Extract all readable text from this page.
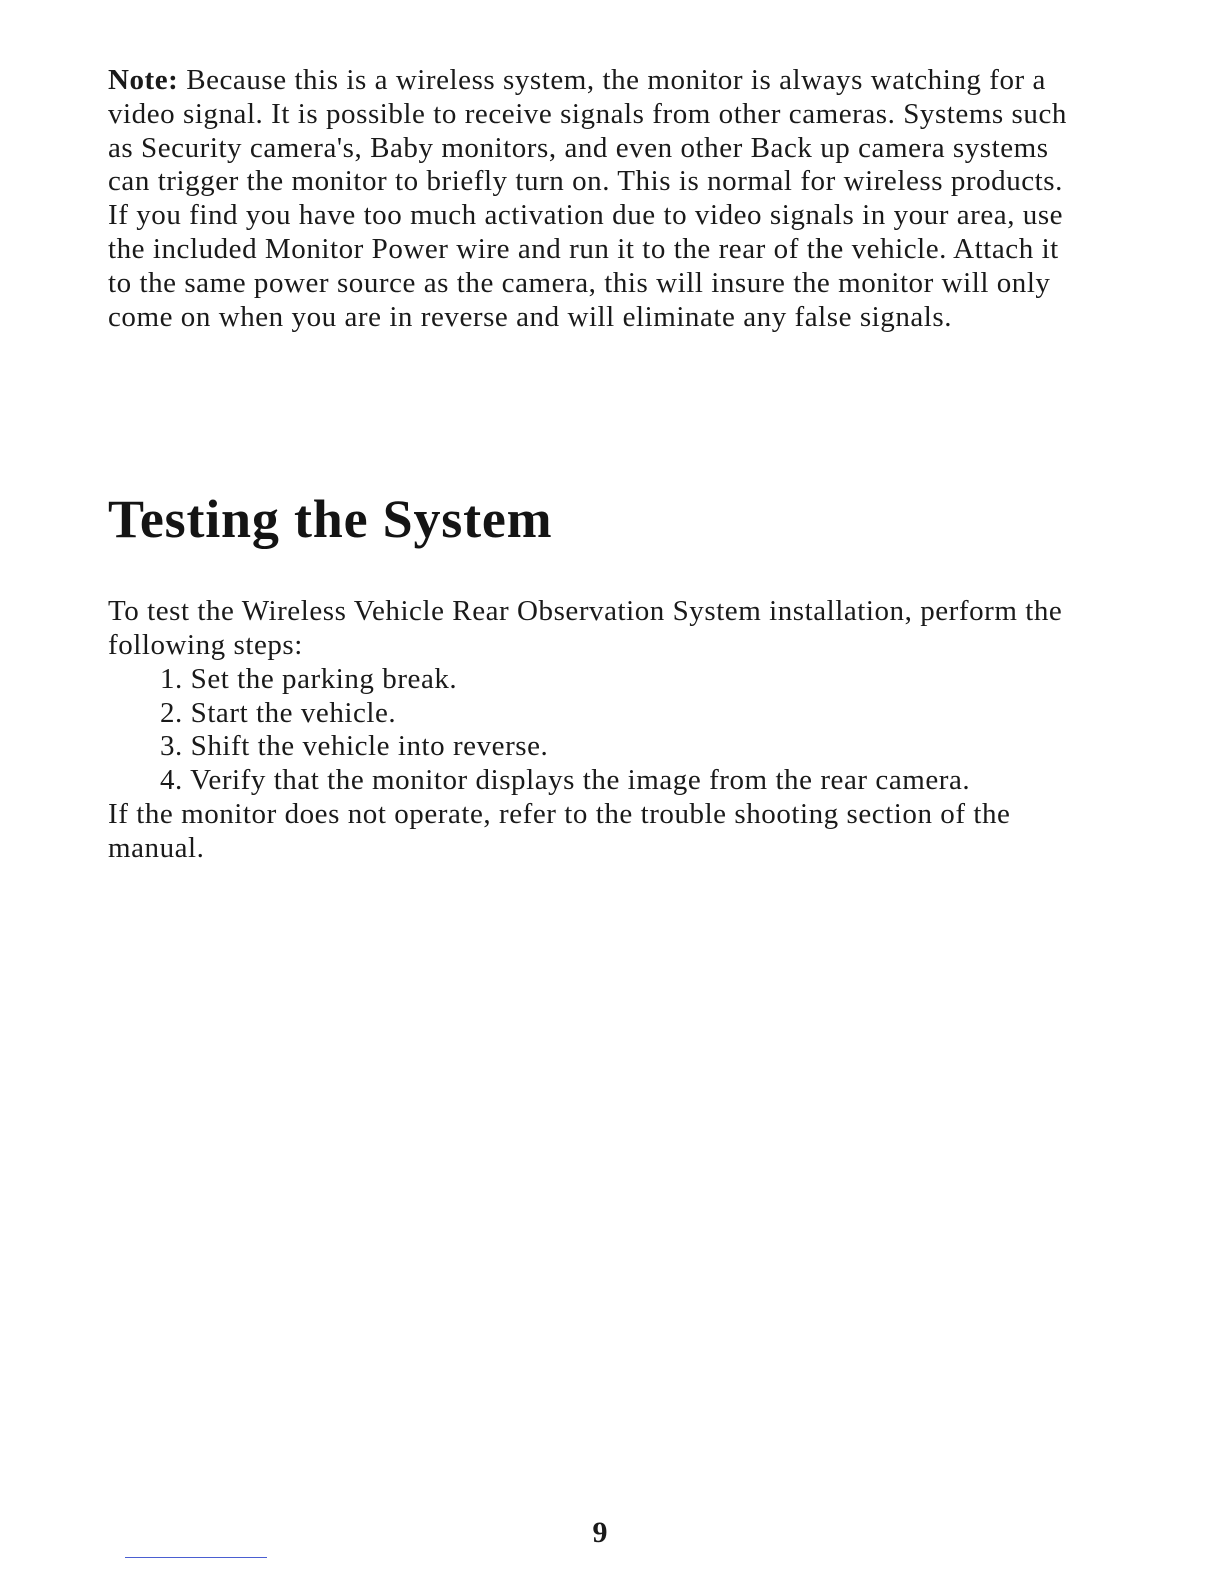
Note: Because this is a wireless system, the monitor is always watching for a video signal. It is possible to receive signals from other cameras. Systems such as Security camera's, Baby monitors, and even other Back up camera systems can trigger the monitor to briefly turn on. This is normal for wireless products. If you find you have too much activation due to video signals in your area, use the included Monitor Power wire and run it to the rear of the vehicle. Attach it to the same power source as the camera, this will insure the monitor will only come on when you are in reverse and will eliminate any false signals.

Testing the System

To test the Wireless Vehicle Rear Observation System installation, perform the following steps:

1. Set the parking break.
2. Start the vehicle.
3. Shift the vehicle into reverse.
4. Verify that the monitor displays the image from the rear camera.

If the monitor does not operate, refer to the trouble shooting section of the manual.

9
